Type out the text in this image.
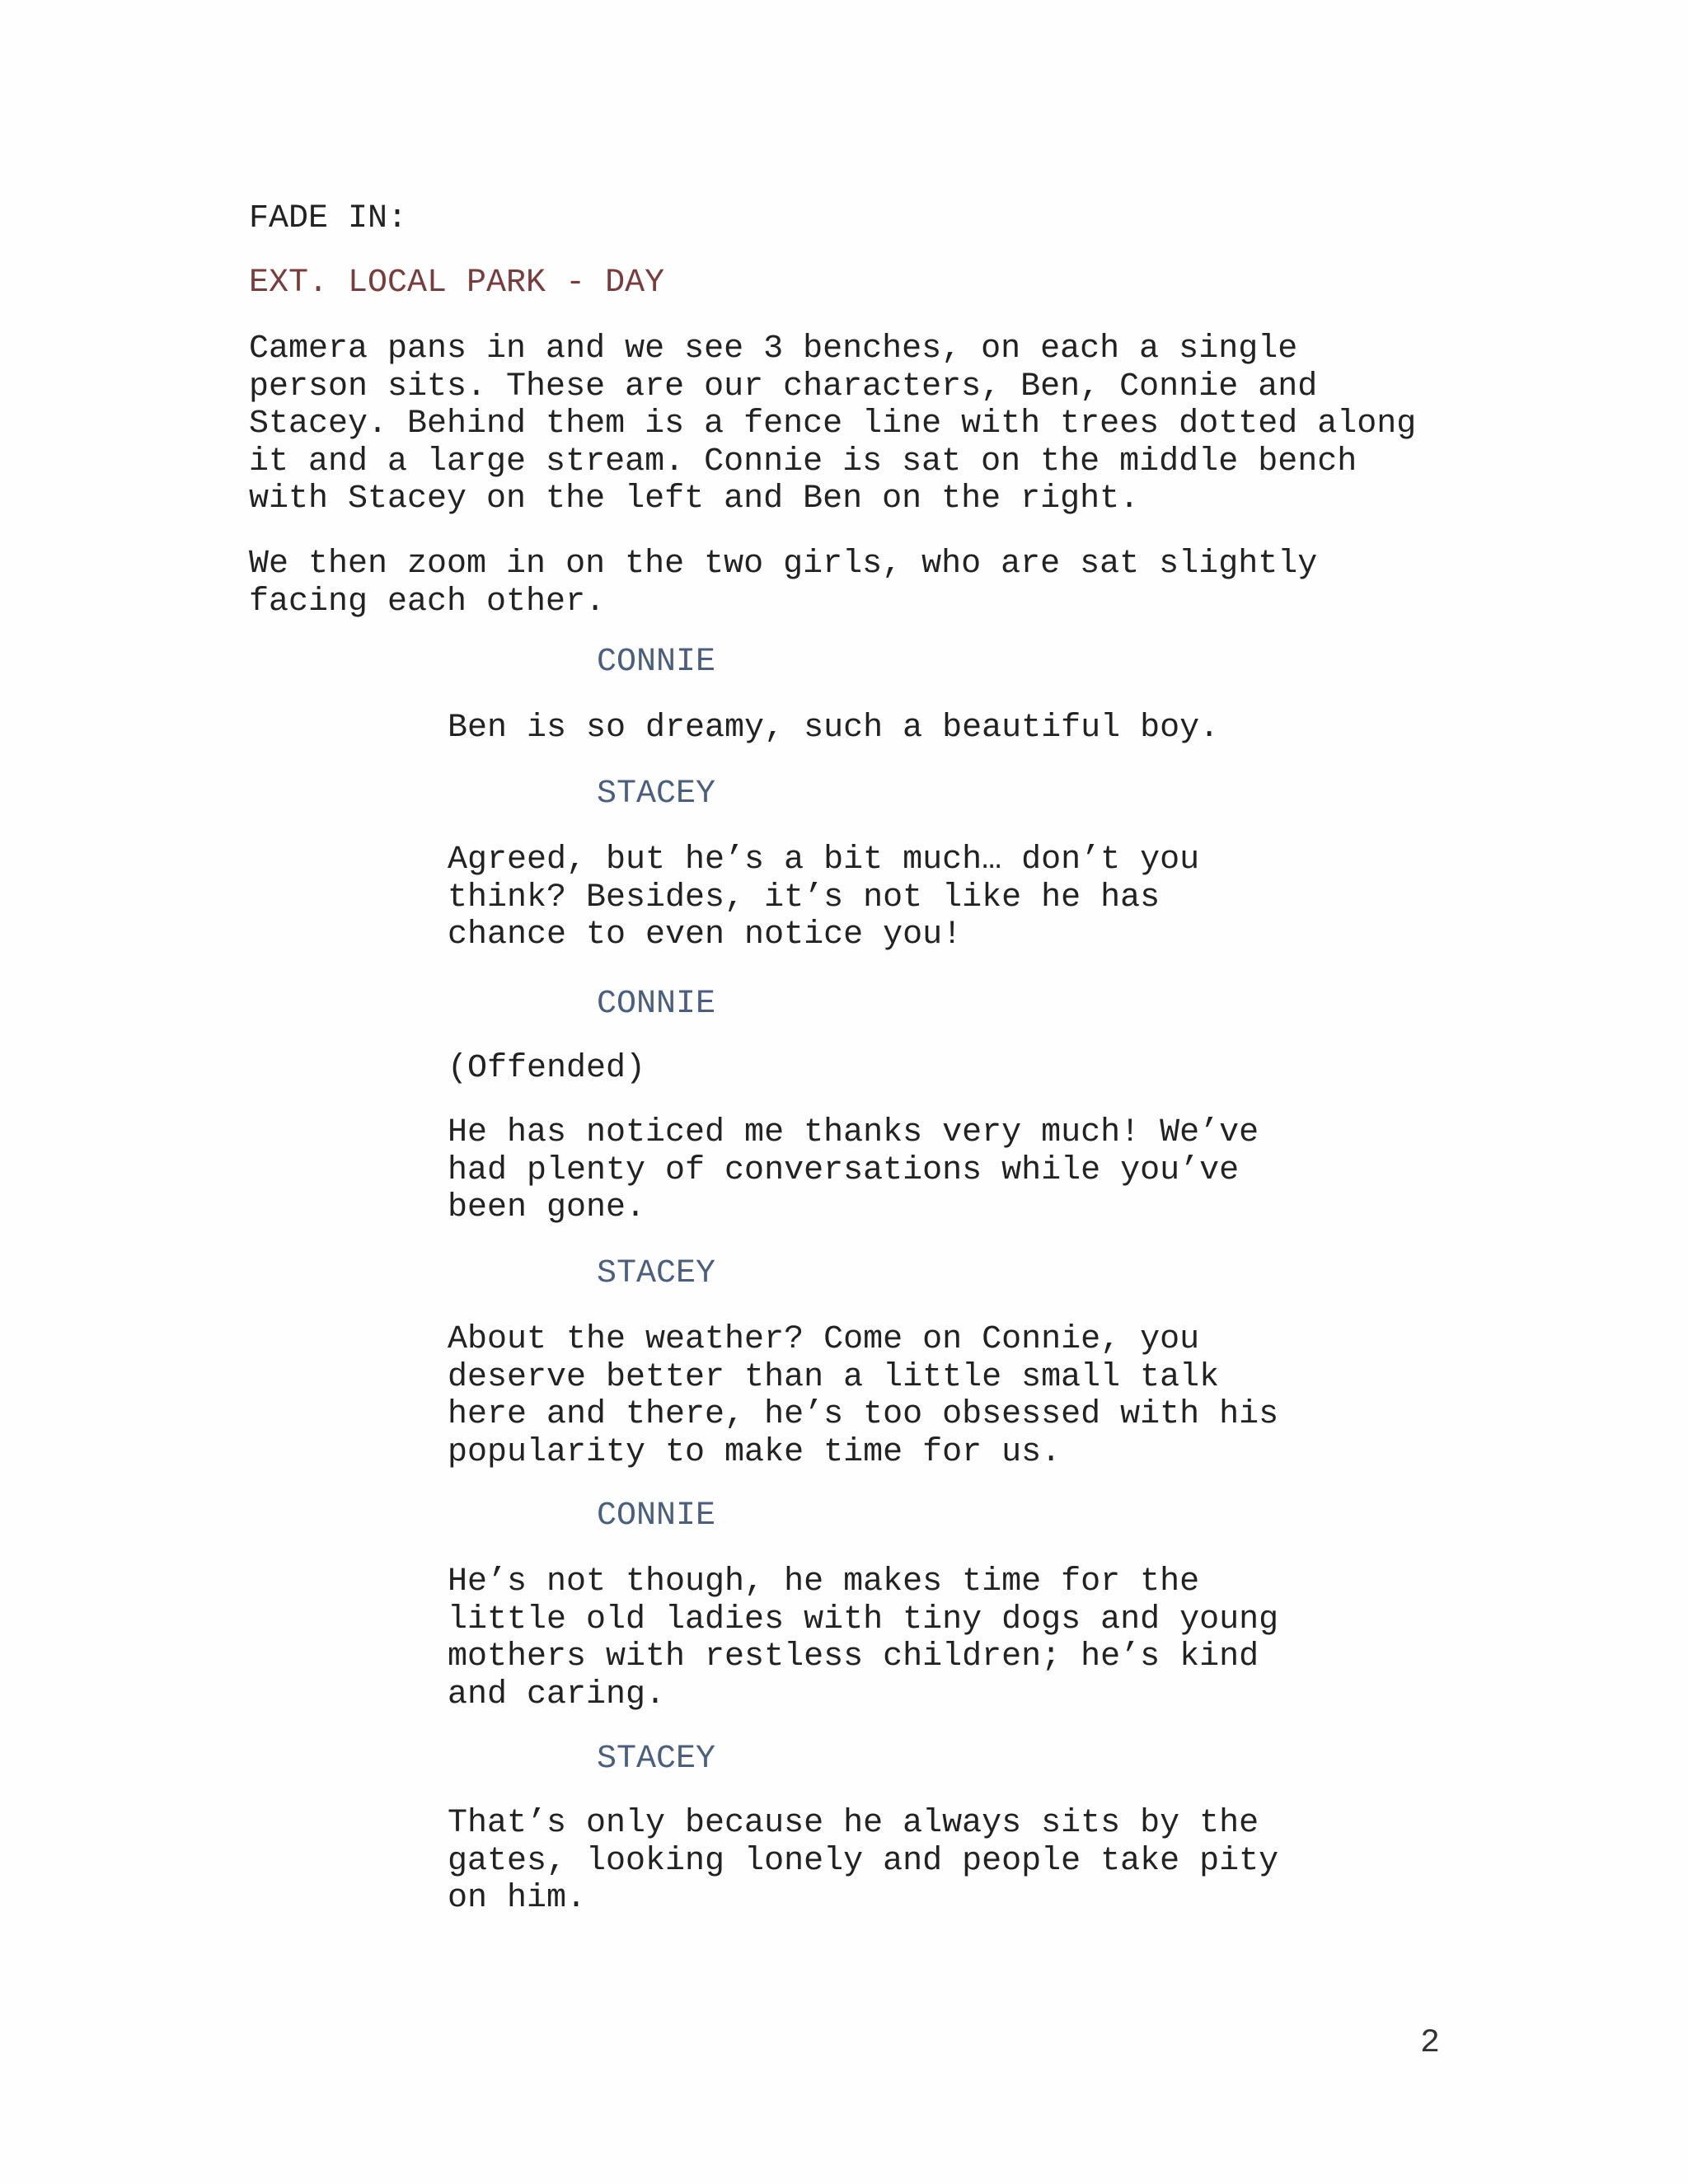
FADE IN:
EXT. LOCAL PARK - DAY
Camera pans in and we see 3 benches, on each a single
person sits. These are our characters, Ben, Connie and
Stacey. Behind them is a fence line with trees dotted along
it and a large stream. Connie is sat on the middle bench
with Stacey on the left and Ben on the right.
We then zoom in on the two girls, who are sat slightly
facing each other.
CONNIE
Ben is so dreamy, such a beautiful boy.
STACEY
Agreed, but he’s a bit much… don’t you
think? Besides, it’s not like he has
chance to even notice you!
CONNIE
(Offended)
He has noticed me thanks very much! We’ve
had plenty of conversations while you’ve
been gone.
STACEY
About the weather? Come on Connie, you
deserve better than a little small talk
here and there, he’s too obsessed with his
popularity to make time for us.
CONNIE
He’s not though, he makes time for the
little old ladies with tiny dogs and young
mothers with restless children; he’s kind
and caring.
STACEY
That’s only because he always sits by the
gates, looking lonely and people take pity
on him.
2
